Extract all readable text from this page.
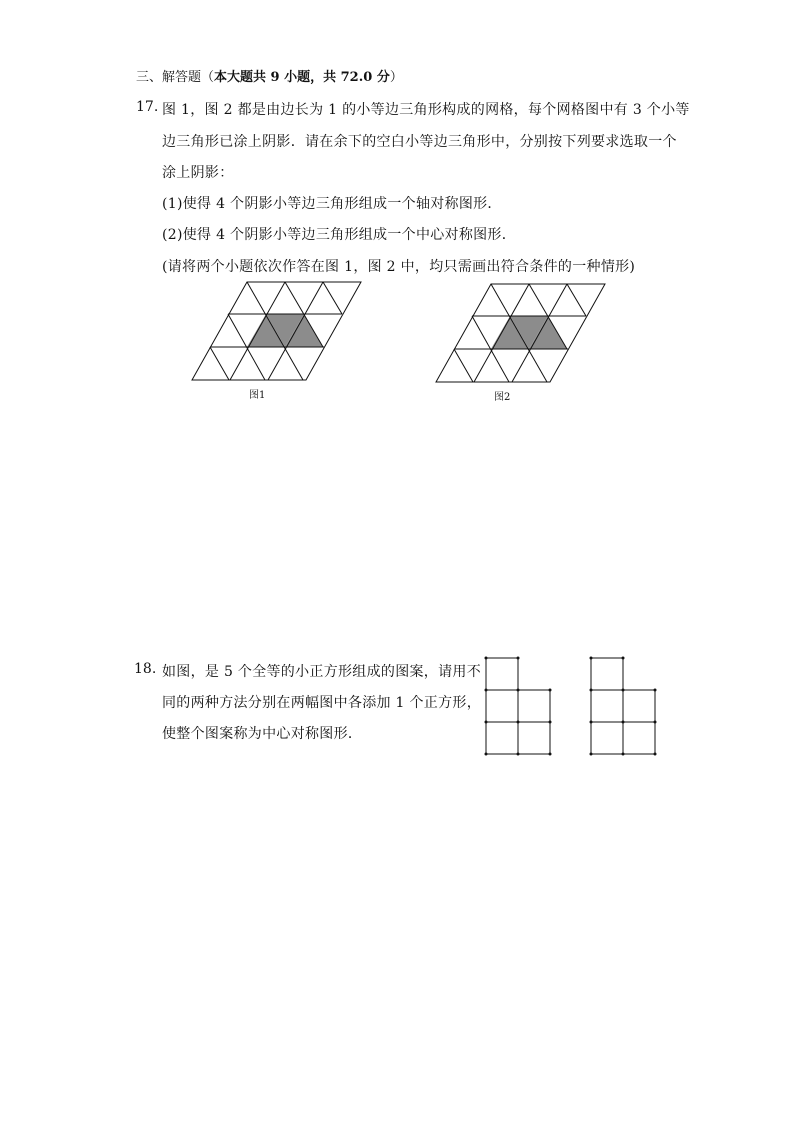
三、解答题（本大题共 9 小题，共 72.0 分）
17. 图 1，图 2 都是由边长为 1 的小等边三角形构成的网格，每个网格图中有 3 个小等
边三角形已涂上阴影．请在余下的空白小等边三角形中，分别按下列要求选取一个
涂上阴影：
(1)使得 4 个阴影小等边三角形组成一个轴对称图形．
(2)使得 4 个阴影小等边三角形组成一个中心对称图形．
(请将两个小题依次作答在图 1，图 2 中，均只需画出符合条件的一种情形)
图1	图2
18. 如图，是 5 个全等的小正方形组成的图案，请用不
同的两种方法分别在两幅图中各添加 1 个正方形，
使整个图案称为中心对称图形．
